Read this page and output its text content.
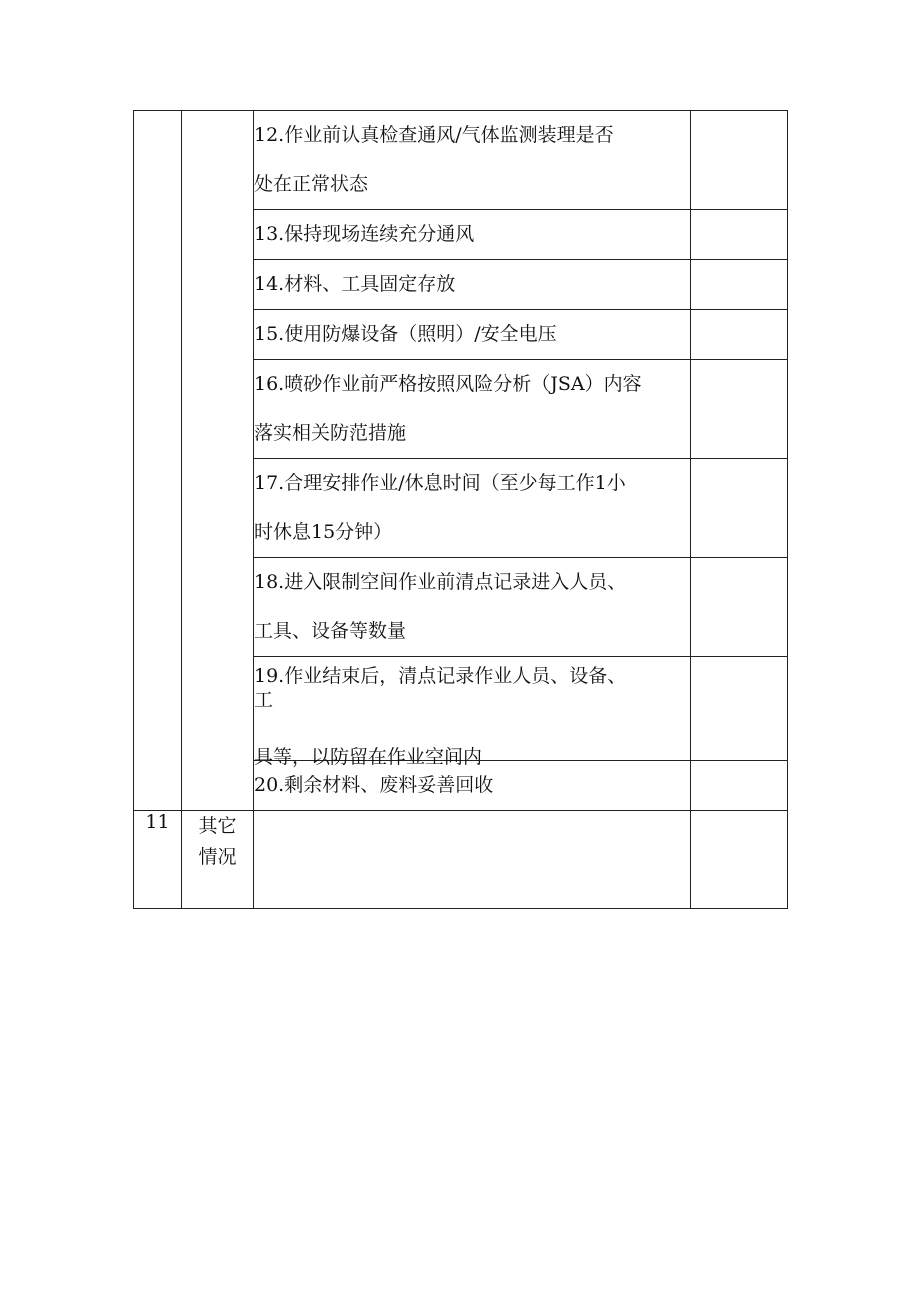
		12.作业前认真检查通风/气体监测装理是否
处在正常状态	

		13.保持现场连续充分通风	

		14.材料、工具固定存放	

		15.使用防爆设备（照明）/安全电压	

		16.喷砂作业前严格按照风险分析（JSA）内容
落实相关防范措施	

		17.合理安排作业/休息时间（至少每工作1小
时休息15分钟）	

		18.进入限制空间作业前清点记录进入人员、
工具、设备等数量	

		19.作业结束后，清点记录作业人员、设备、
工
具等，以防留在作业空间内	

		20.剩余材料、废料妥善回收	

11	其它
情况		
